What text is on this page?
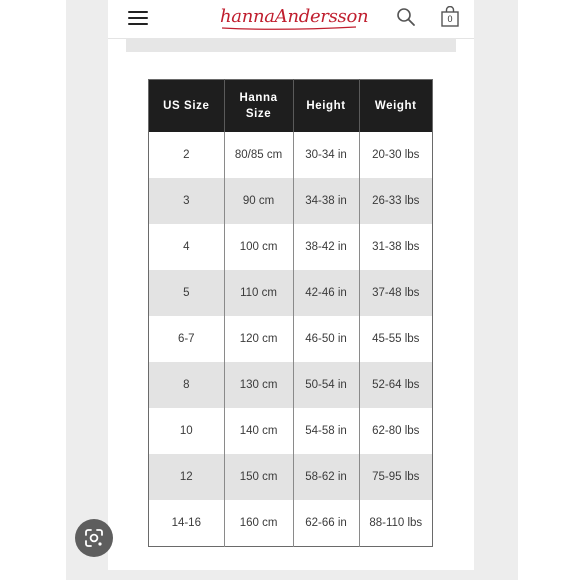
hannaAndersson	0
US Size	Hanna Size	Height	Weight
2	80/85 cm	30-34 in	20-30 lbs
3	90 cm	34-38 in	26-33 lbs
4	100 cm	38-42 in	31-38 lbs
5	110 cm	42-46 in	37-48 lbs
6-7	120 cm	46-50 in	45-55 lbs
8	130 cm	50-54 in	52-64 lbs
10	140 cm	54-58 in	62-80 lbs
12	150 cm	58-62 in	75-95 lbs
14-16	160 cm	62-66 in	88-110 lbs
